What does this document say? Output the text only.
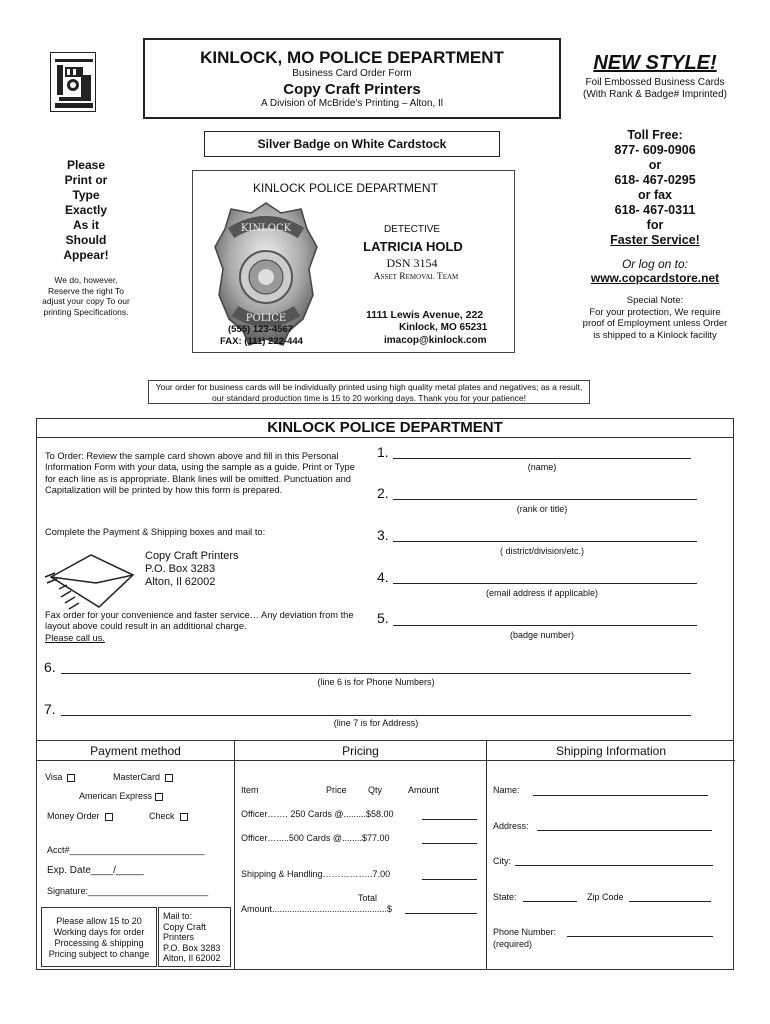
KINLOCK, MO POLICE DEPARTMENT
Business Card Order Form
Copy Craft Printers
A Division of McBride's Printing – Alton, Il
NEW STYLE!
Foil Embossed Business Cards (With Rank & Badge# Imprinted)
Toll Free:
877- 609-0906
or
618- 467-0295
or fax
618- 467-0311
for
Faster Service!
Or log on to:
www.copcardstore.net
Special Note:
For your protection, We require proof of Employment unless Order is shipped to a Kinlock facility
Silver Badge on White Cardstock
Please
Print or
Type
Exactly
As it
Should
Appear!
We do, however, Reserve the right To adjust your copy To our printing Specifications.
KINLOCK POLICE DEPARTMENT
KINLOCK
POLICE
DETECTIVE
LATRICIA HOLD
DSN 3154
Asset Removal Team
1111 Lewis Avenue, 222
Kinlock, MO 65231
imacop@kinlock.com
(555) 123-4567
FAX: (111) 222-444
Your order for business cards will be individually printed using high quality metal plates and negatives; as a result, our standard production time is 15 to 20 working days. Thank you for your patience!
KINLOCK POLICE DEPARTMENT
To Order: Review the sample card shown above and fill in this Personal Information Form with your data, using the sample as a guide. Print or Type for each line as is appropriate. Blank lines will be omitted. Punctuation and Capitalization will be printed by how this form is prepared.
Complete the Payment & Shipping boxes and mail to:
Copy Craft Printers
P.O. Box 3283
Alton, Il 62002
Fax order for your convenience and faster service… Any deviation from the layout above could result in an additional charge.
Please call us.
1.
(name)
2.
(rank or title)
3.
( district/division/etc.)
4.
(email address if applicable)
5.
(badge number)
6.
(line 6 is for Phone Numbers)
7.
(line 7 is for Address)
Payment method
Visa	MasterCard
American Express
Money Order	Check
Acct#___________________________
Exp. Date____/_____
Signature:________________________
Please allow 15 to 20 Working days for order Processing & shipping Pricing subject to change
Mail to:
Copy Craft
Printers
P.O. Box 3283
Alton, Il 62002
Pricing
Item	Price Qty	Amount
Officer……. 250 Cards @.........$58.00
Officer….....500 Cards @........$77.00
Shipping & Handling……………..7.00
Total
Amount..............................................$
Shipping Information
Name:
Address:
City:
State:	Zip Code
Phone Number:
(required)
